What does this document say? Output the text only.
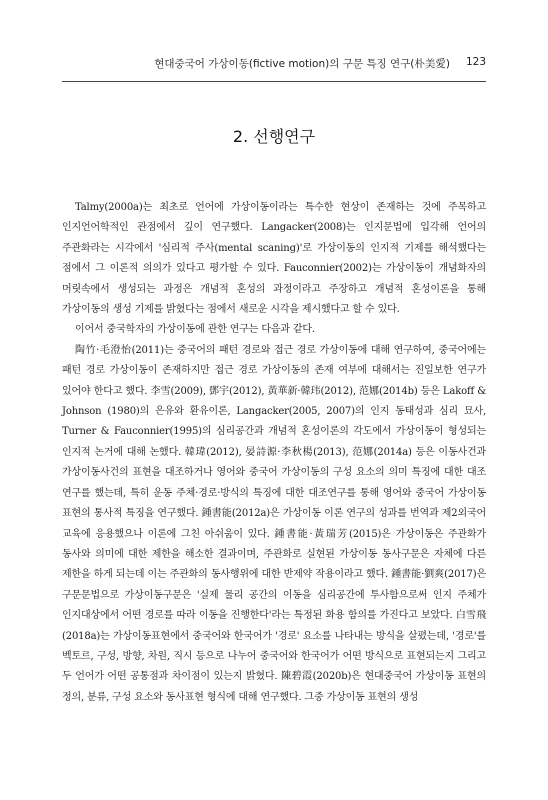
현대중국어 가상이동(fictive motion)의 구문 특징 연구(朴美愛) 123
2. 선행연구

Talmy(2000a)는 최초로 언어에 가상이동이라는 특수한 현상이 존재하는 것에 주목하고 인지언어학적인 관점에서 깊이 연구했다. Langacker(2008)는 인지문법에 입각해 언어의 주관화라는 시각에서 '심리적 주사(mental scaning)'로 가상이동의 인지적 기제를 해석했다는 점에서 그 이론적 의의가 있다고 평가할 수 있다. Fauconnier(2002)는 가상이동이 개념화자의 머릿속에서 생성되는 과정은 개념적 혼성의 과정이라고 주장하고 개념적 혼성이론을 통해 가상이동의 생성 기제를 밝혔다는 점에서 새로운 시각을 제시했다고 할 수 있다.

이어서 중국학자의 가상이동에 관한 연구는 다음과 같다.

陶竹·毛澄怡(2011)는 중국어의 패턴 경로와 접근 경로 가상이동에 대해 연구하여, 중국어에는 패턴 경로 가상이동이 존재하지만 접근 경로 가상이동의 존재 여부에 대해서는 진일보한 연구가 있어야 한다고 했다. 李雪(2009), 鄧宇(2012), 黃華新·韓玮(2012), 范娜(2014b) 등은 Lakoff & Johnson (1980)의 은유와 환유이론, Langacker(2005, 2007)의 인지 동태성과 심리 묘사, Turner & Fauconnier(1995)의 심리공간과 개념적 혼성이론의 각도에서 가상이동이 형성되는 인지적 논거에 대해 논했다. 韓瑋(2012), 晏詩源·李秋楊(2013), 范娜(2014a) 등은 이동사건과 가상이동사건의 표현을 대조하거나 영어와 중국어 가상이동의 구성 요소의 의미 특징에 대한 대조 연구를 했는데, 특히 운동 주체·경로·방식의 특징에 대한 대조연구를 통해 영어와 중국어 가상이동 표현의 통사적 특징을 연구했다. 鍾書能(2012a)은 가상이동 이론 연구의 성과를 번역과 제2외국어 교육에 응용했으나 이론에 그친 아쉬움이 있다. 鍾書能·黃瑞芳(2015)은 가상이동은 주관화가 동사와 의미에 대한 제한을 해소한 결과이며, 주관화로 실현된 가상이동 동사구문은 자체에 다른 제한을 하게 되는데 이는 주관화의 동사행위에 대한 반제약 작용이라고 했다. 鍾書能·劉爽(2017)은 구문문법으로 가상이동구문은 '실제 물리 공간의 이동을 심리공간에 투사함으로써 인지 주체가 인지대상에서 어떤 경로를 따라 이동을 진행한다'라는 특정된 화용 함의를 가진다고 보았다. 白雪飛(2018a)는 가상이동표현에서 중국어와 한국어가 '경로' 요소를 나타내는 방식을 살폈는데, '경로'를 벡토르, 구성, 방향, 차원, 직시 등으로 나누어 중국어와 한국어가 어떤 방식으로 표현되는지 그리고 두 언어가 어떤 공통점과 차이점이 있는지 밝혔다. 陳碧霞(2020b)은 현대중국어 가상이동 표현의 정의, 분류, 구성 요소와 동사표현 형식에 대해 연구했다. 그중 가상이동 표현의 생성
